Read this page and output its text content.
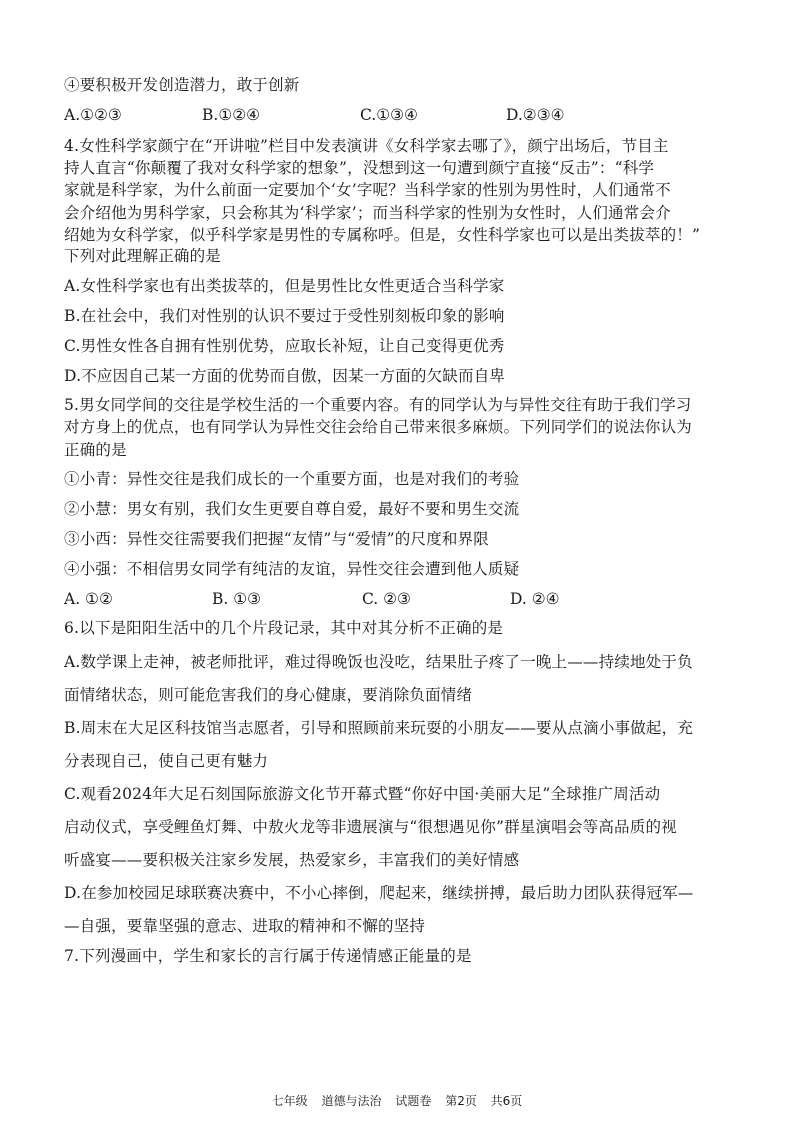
④要积极开发创造潜力，敢于创新
A.①②③	B.①②④	C.①③④	D.②③④
4.女性科学家颜宁在“开讲啦”栏目中发表演讲《女科学家去哪了》，颜宁出场后，节目主
持人直言“你颠覆了我对女科学家的想象”，没想到这一句遭到颜宁直接“反击”：“科学
家就是科学家，为什么前面一定要加个‘女’字呢？当科学家的性别为男性时，人们通常不
会介绍他为男科学家，只会称其为‘科学家’；而当科学家的性别为女性时，人们通常会介
绍她为女科学家，似乎科学家是男性的专属称呼。但是，女性科学家也可以是出类拔萃的！”
下列对此理解正确的是
A.女性科学家也有出类拔萃的，但是男性比女性更适合当科学家
B.在社会中，我们对性别的认识不要过于受性别刻板印象的影响
C.男性女性各自拥有性别优势，应取长补短，让自己变得更优秀
D.不应因自己某一方面的优势而自傲，因某一方面的欠缺而自卑
5.男女同学间的交往是学校生活的一个重要内容。有的同学认为与异性交往有助于我们学习
对方身上的优点，也有同学认为异性交往会给自己带来很多麻烦。下列同学们的说法你认为
正确的是
①小青：异性交往是我们成长的一个重要方面，也是对我们的考验
②小慧：男女有别，我们女生更要自尊自爱，最好不要和男生交流
③小西：异性交往需要我们把握“友情”与“爱情”的尺度和界限
④小强：不相信男女同学有纯洁的友谊，异性交往会遭到他人质疑
A. ①②	B. ①③	C. ②③	D. ②④
6.以下是阳阳生活中的几个片段记录，其中对其分析不正确的是
A.数学课上走神，被老师批评，难过得晚饭也没吃，结果肚子疼了一晚上——持续地处于负
面情绪状态，则可能危害我们的身心健康，要消除负面情绪
B.周末在大足区科技馆当志愿者，引导和照顾前来玩耍的小朋友——要从点滴小事做起，充
分表现自己，使自己更有魅力
C.观看2024年大足石刻国际旅游文化节开幕式暨“你好中国·美丽大足”全球推广周活动
启动仪式，享受鲤鱼灯舞、中敖火龙等非遗展演与“很想遇见你”群星演唱会等高品质的视
听盛宴——要积极关注家乡发展，热爱家乡，丰富我们的美好情感
D.在参加校园足球联赛决赛中，不小心摔倒，爬起来，继续拼搏，最后助力团队获得冠军—
—自强，要靠坚强的意志、进取的精神和不懈的坚持
7.下列漫画中，学生和家长的言行属于传递情感正能量的是
七年级 道德与法治 试题卷 第2页 共6页
